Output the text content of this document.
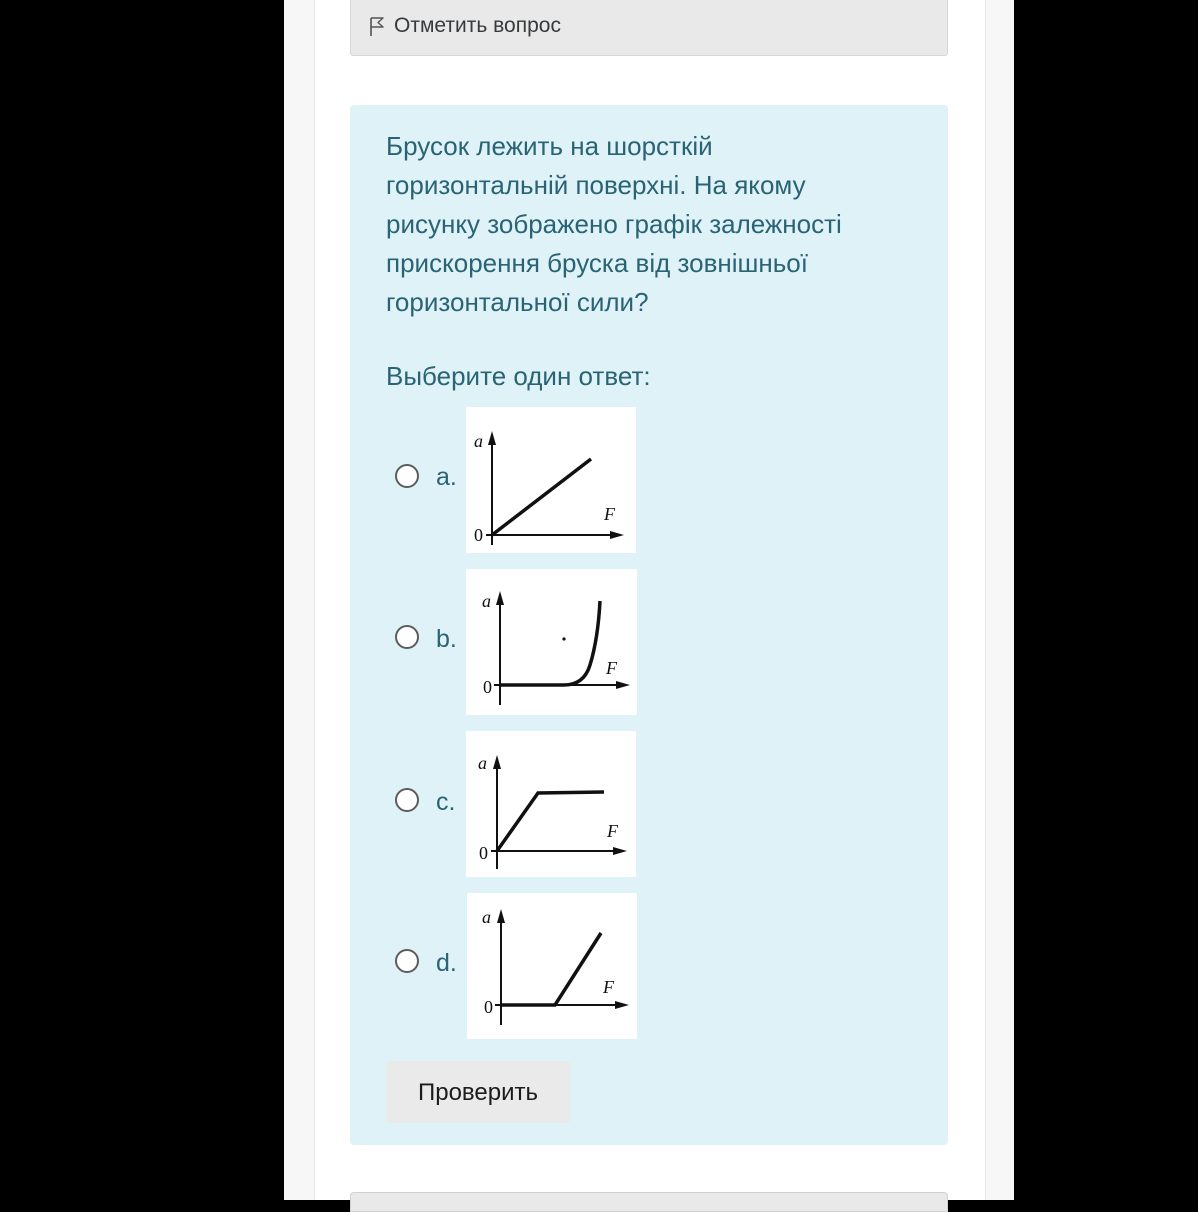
Отметить вопрос
Брусок лежить на шорсткій
горизонтальній поверхні. На якому
рисунку зображено графік залежності
прискорення бруска від зовнішньої
горизонтальної сили?
Выберите один ответ:
a.
a
F
0
b.
a
F
0
c.
a
F
0
d.
a
F
0
Проверить
